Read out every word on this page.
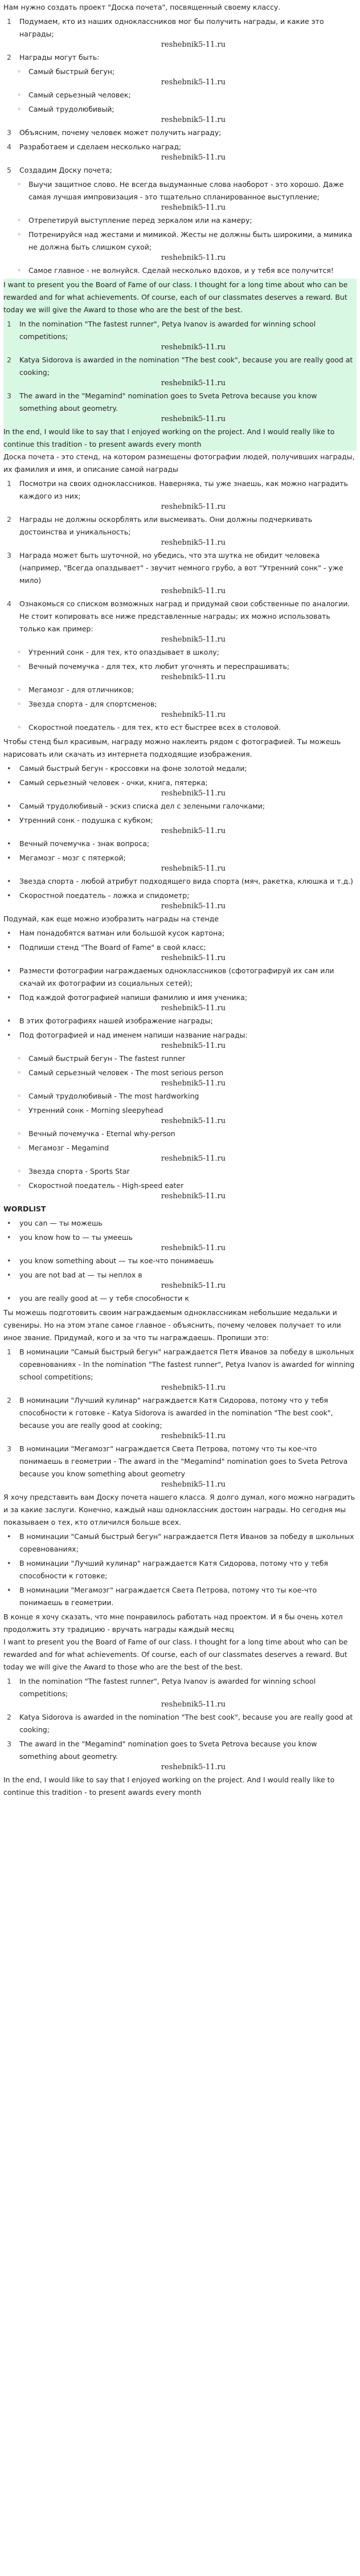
Нам нужно создать проект "Доска почета", посвященный своему классу.

1 Подумаем, кто из наших одноклассников мог бы получить награды, и какие это награды;
reshebnik5-11.ru
2 Награды могут быть:
◦ Самый быстрый бегун;
reshebnik5-11.ru
◦ Самый серьезный человек;
◦ Самый трудолюбивый;
reshebnik5-11.ru
3 Объясним, почему человек может получить награду;
4 Разработаем и сделаем несколько наград;
reshebnik5-11.ru
5 Создадим Доску почета;
◦ Выучи защитное слово. Не всегда выдуманные слова наоборот - это хорошо. Даже самая лучшая импровизация - это тщательно спланированное выступление;
reshebnik5-11.ru
◦ Отрепетируй выступление перед зеркалом или на камеру;
◦ Потренируйся над жестами и мимикой. Жесты не должны быть широкими, а мимика не должна быть слишком сухой;
reshebnik5-11.ru
◦ Самое главное - не волнуйся. Сделай несколько вдохов, и у тебя все получится!

I want to present you the Board of Fame of our class. I thought for a long time about who can be rewarded and for what achievements. Of course, each of our classmates deserves a reward. But today we will give the Award to those who are the best of the best.

1 In the nomination "The fastest runner", Petya Ivanov is awarded for winning school competitions;
reshebnik5-11.ru
2 Katya Sidorova is awarded in the nomination "The best cook", because you are really good at cooking;
reshebnik5-11.ru
3 The award in the "Megamind" nomination goes to Sveta Petrova because you know something about geometry.
reshebnik5-11.ru

In the end, I would like to say that I enjoyed working on the project. And I would really like to continue this tradition - to present awards every month

Доска почета - это стенд, на котором размещены фотографии людей, получивших награды, их фамилия и имя, и описание самой награды

1 Посмотри на своих одноклассников. Наверняка, ты уже знаешь, как можно наградить каждого из них;
reshebnik5-11.ru
2 Награды не должны оскорблять или высмеивать. Они должны подчеркивать достоинства и уникальность;
reshebnik5-11.ru
3 Награда может быть шуточной, но убедись, что эта шутка не обидит человека (например, "Всегда опаздывает" - звучит немного грубо, а вот "Утренний сонк" - уже мило)
reshebnik5-11.ru
4 Ознакомься со списком возможных наград и придумай свои собственные по аналогии. Не стоит копировать все ниже представленные награды; их можно использовать только как пример:
reshebnik5-11.ru
◦ Утренний сонк - для тех, кто опаздывает в школу;
◦ Вечный почемучка - для тех, кто любит угочнять и переспрашивать;
reshebnik5-11.ru
◦ Мегамозг - для отличников;
◦ Звезда спорта - для спортсменов;
reshebnik5-11.ru
◦ Скоростной поедатель - для тех, кто ест быстрее всех в столовой.

Чтобы стенд был красивым, награду можно наклеить рядом с фотографией. Ты можешь нарисовать или скачать из интернета подходящие изображения.

• Самый быстрый бегун - кроссовки на фоне золотой медали;
• Самый серьезный человек - очки, книга, пятерка;
reshebnik5-11.ru
• Самый трудолюбивый - эскиз списка дел с зелеными галочками;
• Утренний сонк - подушка с кубком;
reshebnik5-11.ru
• Вечный почемучка - знак вопроса;
• Мегамозг - мозг с пятеркой;
reshebnik5-11.ru
• Звезда спорта - любой атрибут подходящего вида спорта (мяч, ракетка, клюшка и т.д.)
• Скоростной поедатель - ложка и спидометр;
reshebnik5-11.ru

Подумай, как еще можно изобразить награды на стенде

• Нам понадобятся ватман или большой кусок картона;
• Подпиши стенд "The Board of Fame" в свой класс;
reshebnik5-11.ru
• Размести фотографии награждаемых одноклассников (сфотографируй их сам или скачай их фотографии из социальных сетей);
• Под каждой фотографией напиши фамилию и имя ученика;
reshebnik5-11.ru
• В этих фотографиях нашей изображение награды;
• Под фотографией и над именем напиши название награды:
reshebnik5-11.ru
◦ Самый быстрый бегун - The fastest runner
◦ Самый серьезный человек - The most serious person
reshebnik5-11.ru
◦ Самый трудолюбивый - The most hardworking
◦ Утренний сонк - Morning sleepyhead
reshebnik5-11.ru
◦ Вечный почемучка - Eternal why-person
◦ Мегамозг - Megamind
reshebnik5-11.ru
◦ Звезда спорта - Sports Star
◦ Скоростной поедатель - High-speed eater
reshebnik5-11.ru

WORDLIST

• you can — ты можешь
• you know how to — ты умеешь
reshebnik5-11.ru
• you know something about — ты кое-что понимаешь
• you are not bad at — ты неплох в
reshebnik5-11.ru
• you are really good at — у тебя способности к

Ты можешь подготовить своим награждаемым одноклассникам небольшие медальки и сувениры. Но на этом этапе самое главное - объяснить, почему человек получает то или иное звание. Придумай, кого и за что ты награждаешь. Пропиши это:

1 В номинации "Самый быстрый бегун" награждается Петя Иванов за победу в школьных соревнованиях - In the nomination "The fastest runner", Petya Ivanov is awarded for winning school competitions;
reshebnik5-11.ru
2 В номинации "Лучший кулинар" награждается Катя Сидорова, потому что у тебя способности к готовке - Katya Sidorova is awarded in the nomination "The best cook", because you are really good at cooking;
reshebnik5-11.ru
3 В номинации "Мегамозг" награждается Света Петрова, потому что ты кое-что понимаешь в геометрии - The award in the "Megamind" nomination goes to Sveta Petrova because you know something about geometry
reshebnik5-11.ru

Я хочу представить вам Доску почета нашего класса. Я долго думал, кого можно наградить и за какие заслуги. Конечно, каждый наш одноклассник достоин награды. Но сегодня мы показываем о тех, кто отличился больше всех.

• В номинации "Самый быстрый бегун" награждается Петя Иванов за победу в школьных соревнованиях;
• В номинации "Лучший кулинар" награждается Катя Сидорова, потому что у тебя способности к готовке;
• В номинации "Мегамозг" награждается Света Петрова, потому что ты кое-что понимаешь в геометрии.

В конце я хочу сказать, что мне понравилось работать над проектом. И я бы очень хотел продолжить эту традицию - вручать награды каждый месяц

I want to present you the Board of Fame of our class. I thought for a long time about who can be rewarded and for what achievements. Of course, each of our classmates deserves a reward. But today we will give the Award to those who are the best of the best.

1 In the nomination "The fastest runner", Petya Ivanov is awarded for winning school competitions;
reshebnik5-11.ru
2 Katya Sidorova is awarded in the nomination "The best cook", because you are really good at cooking;
3 The award in the "Megamind" nomination goes to Sveta Petrova because you know something about geometry.
reshebnik5-11.ru

In the end, I would like to say that I enjoyed working on the project. And I would really like to continue this tradition - to present awards every month
